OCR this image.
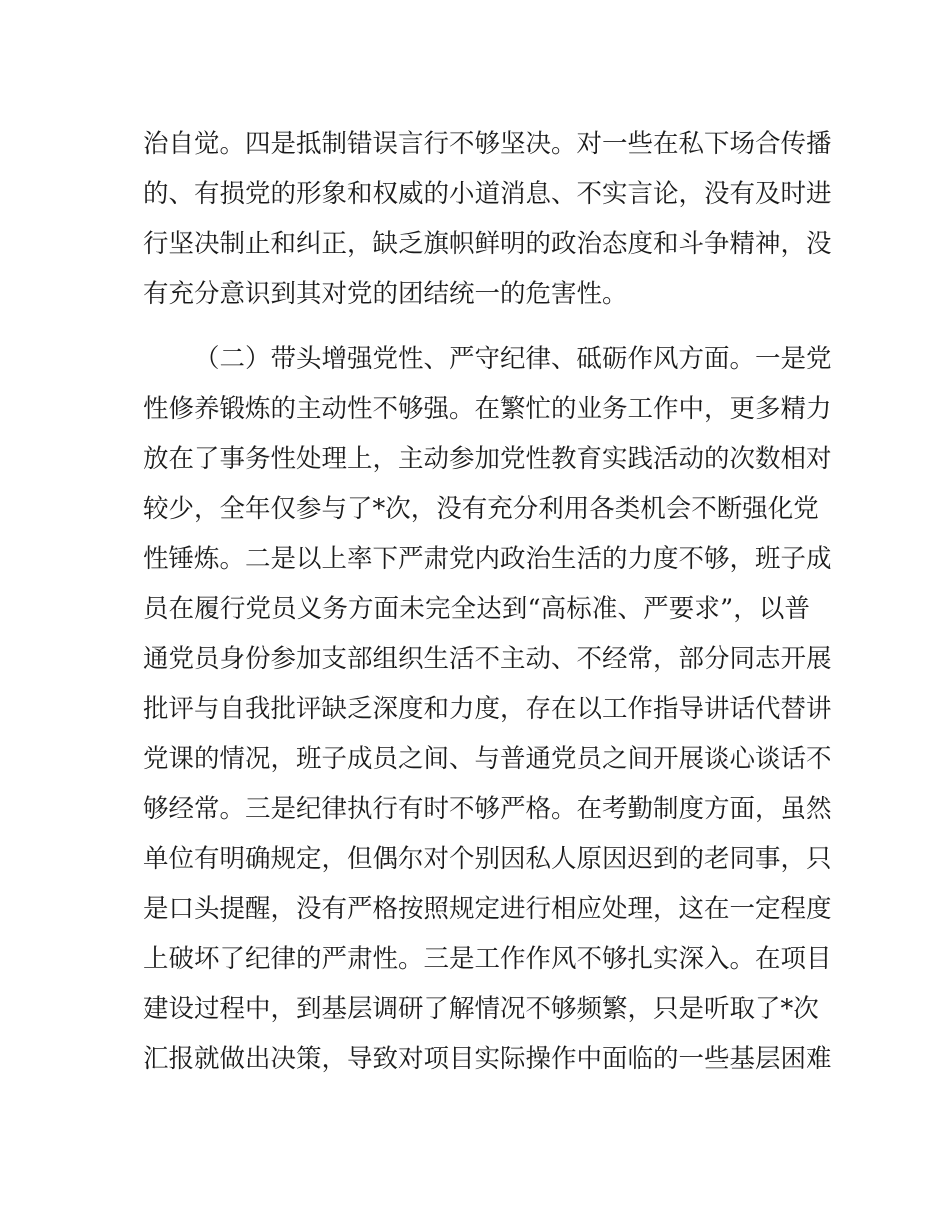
治自觉。四是抵制错误言行不够坚决。对一些在私下场合传播
的、有损党的形象和权威的小道消息、不实言论，没有及时进
行坚决制止和纠正，缺乏旗帜鲜明的政治态度和斗争精神，没
有充分意识到其对党的团结统一的危害性。
（二）带头增强党性、严守纪律、砥砺作风方面。一是党
性修养锻炼的主动性不够强。在繁忙的业务工作中，更多精力
放在了事务性处理上，主动参加党性教育实践活动的次数相对
较少，全年仅参与了*次，没有充分利用各类机会不断强化党
性锤炼。二是以上率下严肃党内政治生活的力度不够，班子成
员在履行党员义务方面未完全达到“高标准、严要求”，以普
通党员身份参加支部组织生活不主动、不经常，部分同志开展
批评与自我批评缺乏深度和力度，存在以工作指导讲话代替讲
党课的情况，班子成员之间、与普通党员之间开展谈心谈话不
够经常。三是纪律执行有时不够严格。在考勤制度方面，虽然
单位有明确规定，但偶尔对个别因私人原因迟到的老同事，只
是口头提醒，没有严格按照规定进行相应处理，这在一定程度
上破坏了纪律的严肃性。三是工作作风不够扎实深入。在项目
建设过程中，到基层调研了解情况不够频繁，只是听取了*次
汇报就做出决策，导致对项目实际操作中面临的一些基层困难
